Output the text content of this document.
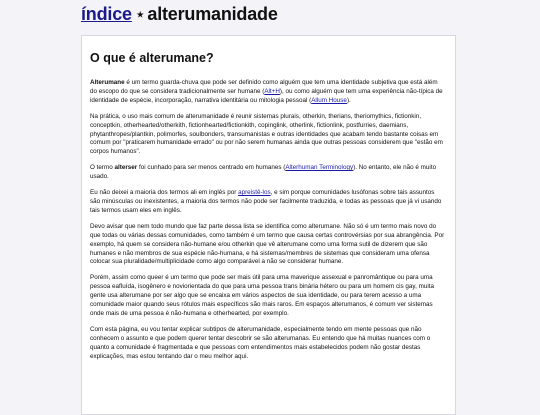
índice ⋆ alterumanidade
O que é alterumane?

Alterumane é um termo guarda-chuva que pode ser definido como alguém que tem uma identidade subjetiva que está além do escopo do que se considera tradicionalmente ser humane (Alt+H), ou como alguém que tem uma experiência não-típica de identidade de espécie, incorporação, narrativa identitária ou mitologia pessoal (Allum House).

Na prática, o uso mais comum de alterumanidade é reunir sistemas plurais, otherkin, therians, theriomythics, fictionkin, conceptkin, otherhearted/otherkith, fictionhearted/fictionkith, copinglink, otherlink, fictionlink, postfurries, daemians, phytanthropes/plantkin, polimorfes, soulbonders, transumanistas e outras identidades que acabam tendo bastante coisas em comum por "praticarem humanidade errado" ou por não serem humanas ainda que outras pessoas considerem que "estão em corpos humanos".

O termo alterser foi cunhado para ser menos centrado em humanes (Alterhuman Terminology). No entanto, ele não é muito usado.

Eu não deixei a maioria dos termos ali em inglês por apreistê-los, e sim porque comunidades lusófonas sobre tais assuntos são minúsculas ou inexistentes, a maioria dos termos não pode ser facilmente traduzida, e todas as pessoas que já vi usando tais termos usam eles em inglês.

Devo avisar que nem todo mundo que faz parte dessa lista se identifica como alterumane. Não só é um termo mais novo do que todas ou várias dessas comunidades, como também é um termo que causa certas controvérsias por sua abrangência. Por exemplo, há quem se considera não-humane e/ou otherkin que vê alterumane como uma forma sutil de dizerem que são humanes e não membros de sua espécie não-humana, e há sistemas/membres de sistemas que consideram uma ofensa colocar sua pluralidade/multiplicidade como algo comparável a não se considerar humane.

Porém, assim como queer é um termo que pode ser mais útil para uma maverique assexual e panromântique ou para uma pessoa eafluída, isogênero e noviorientada do que para uma pessoa trans binária hétero ou para um homem cis gay, muita gente usa alterumane por ser algo que se encaixa em vários aspectos de sua identidade, ou para terem acesso a uma comunidade maior quando seus rótulos mais específicos são mais raros. Em espaços alterumanos, é comum ver sistemas onde mais de uma pessoa é não-humana e otherhearted, por exemplo.

Com esta página, eu vou tentar explicar subtipos de alterumanidade, especialmente tendo em mente pessoas que não conhecem o assunto e que podem querer tentar descobrir se são alterumanas. Eu entendo que há muitas nuances com o quanto a comunidade é fragmentada e que pessoas com entendimentos mais estabelecidos podem não gostar destas explicações, mas estou tentando dar o meu melhor aqui.
